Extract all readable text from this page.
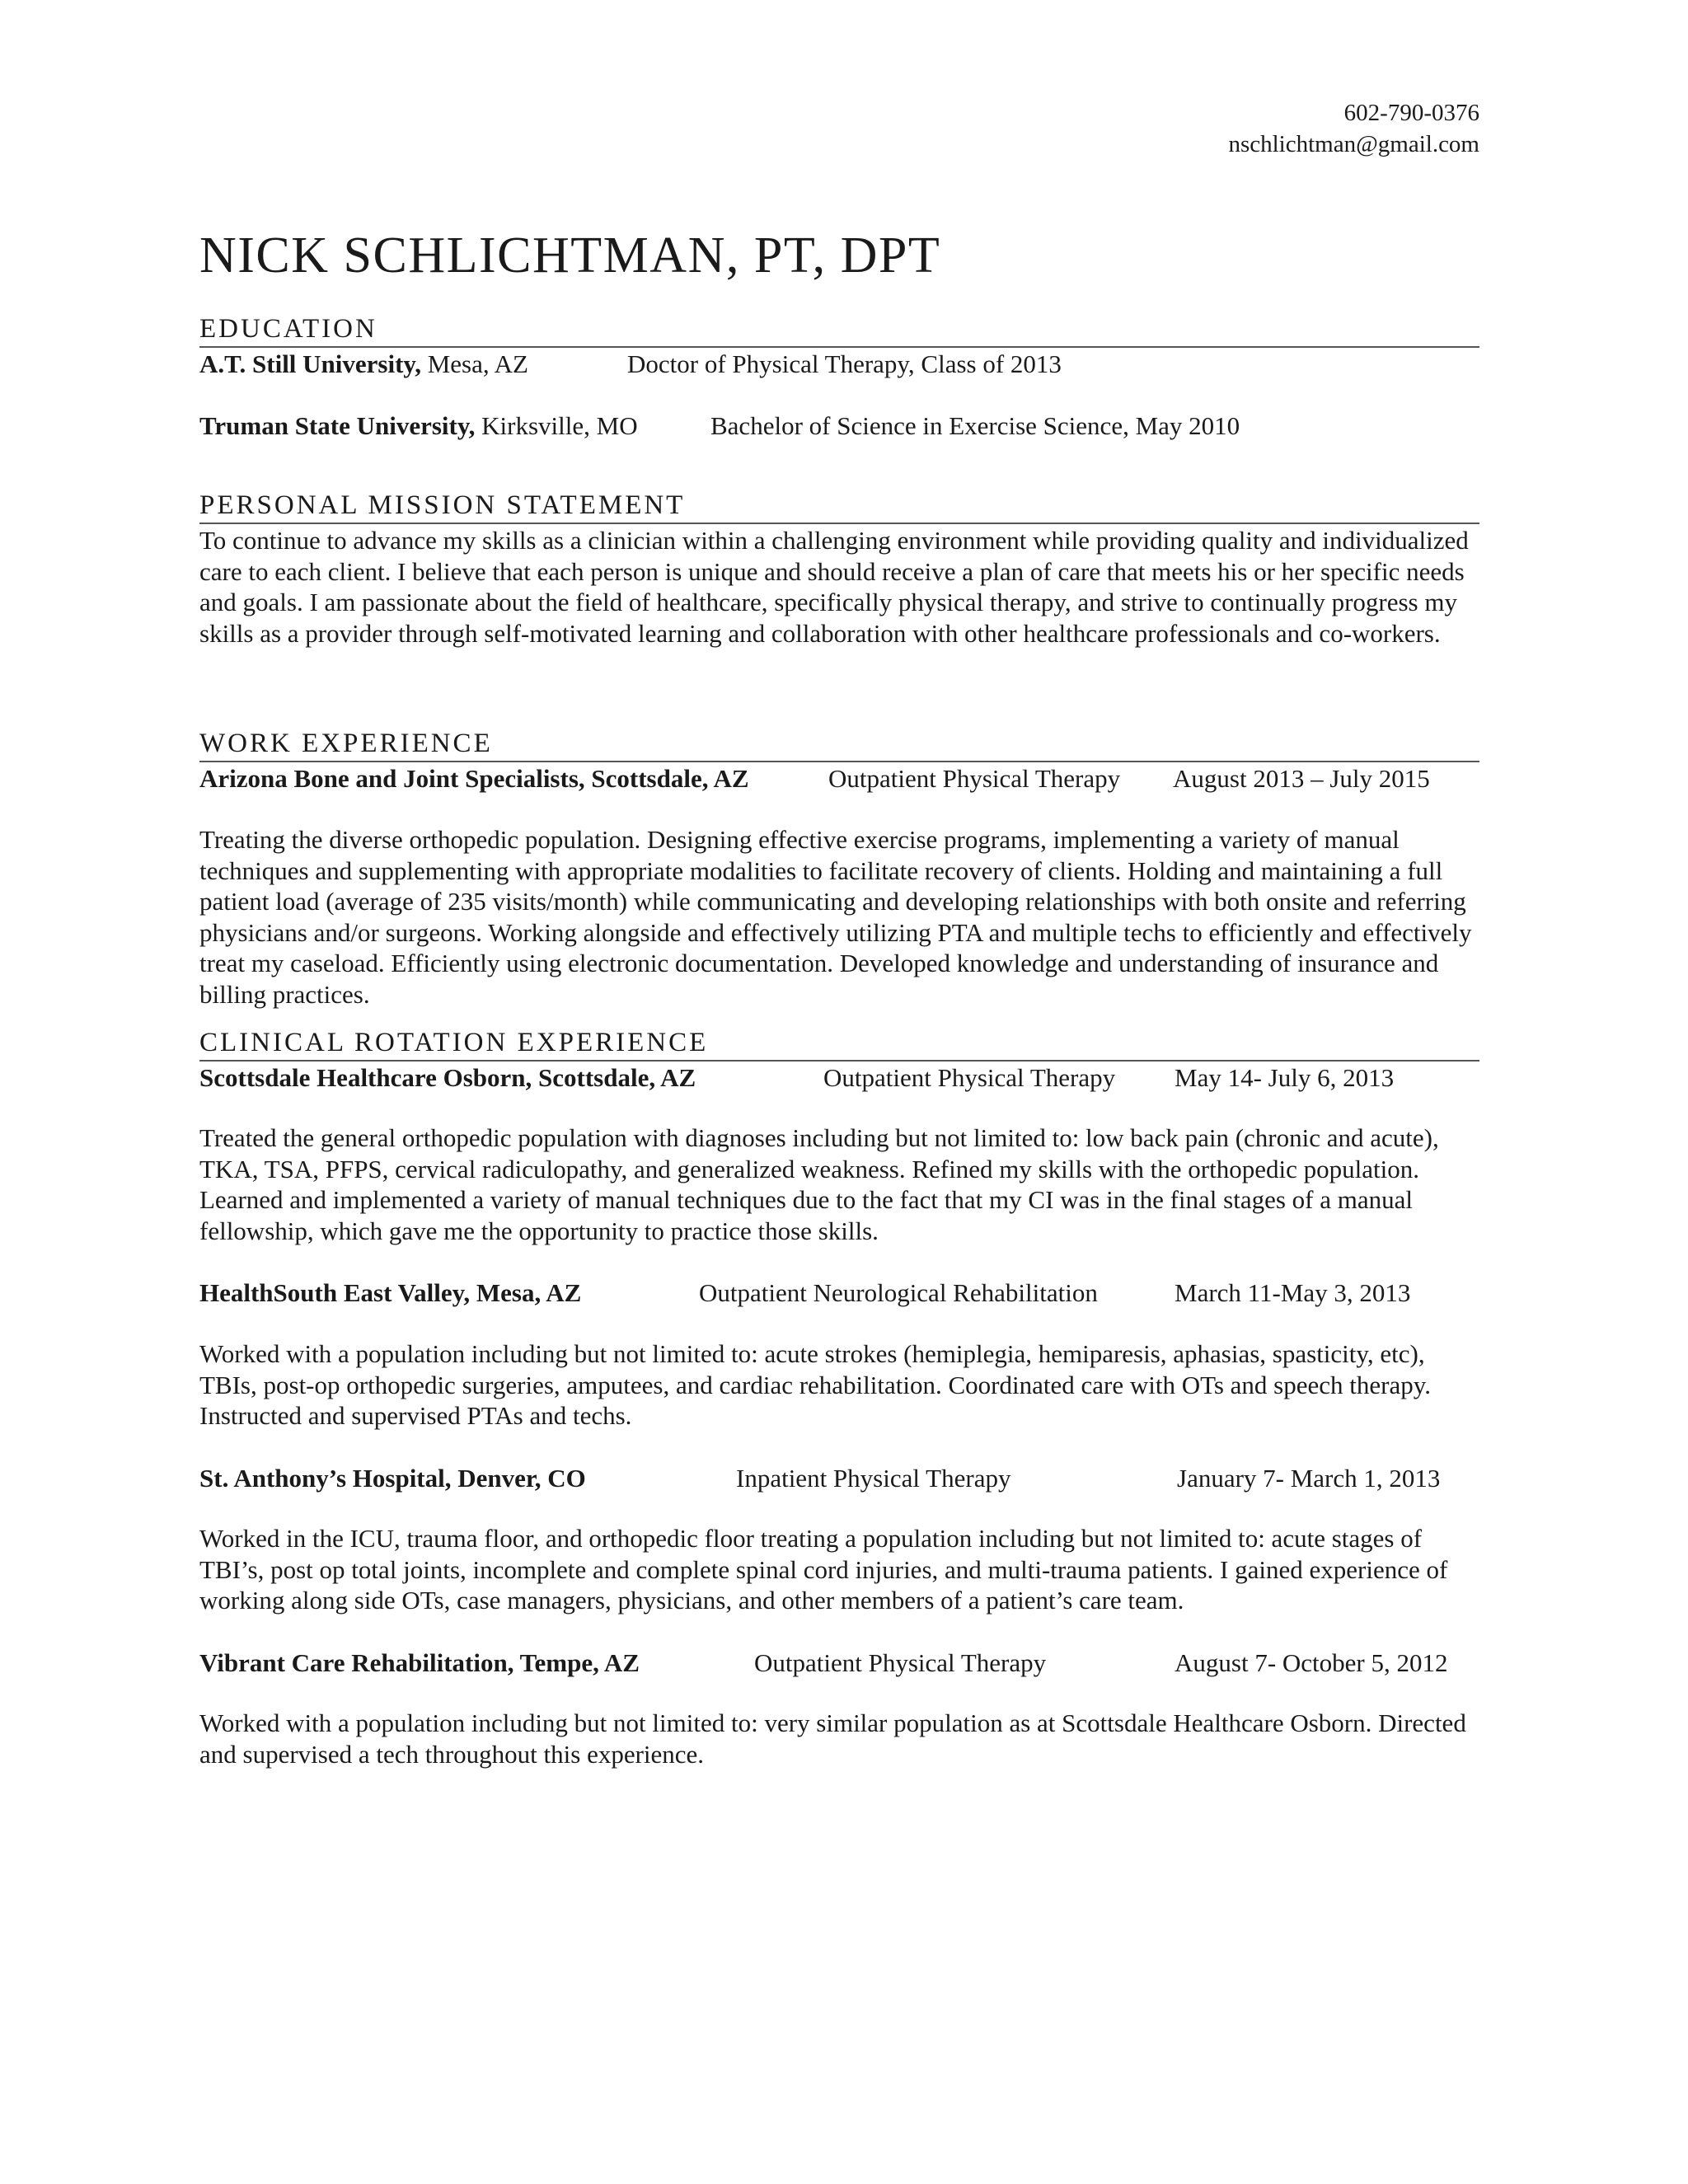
602-790-0376
nschlichtman@gmail.com
NICK SCHLICHTMAN, PT, DPT
EDUCATION
A.T. Still University, Mesa, AZ	Doctor of Physical Therapy, Class of 2013
Truman State University, Kirksville, MO	Bachelor of Science in Exercise Science, May 2010
PERSONAL MISSION STATEMENT

To continue to advance my skills as a clinician within a challenging environment while providing quality and individualized care to each client. I believe that each person is unique and should receive a plan of care that meets his or her specific needs and goals. I am passionate about the field of healthcare, specifically physical therapy, and strive to continually progress my skills as a provider through self-motivated learning and collaboration with other healthcare professionals and co-workers.

WORK EXPERIENCE
Arizona Bone and Joint Specialists, Scottsdale, AZ	Outpatient Physical Therapy August 2013 – July 2015

Treating the diverse orthopedic population. Designing effective exercise programs, implementing a variety of manual techniques and supplementing with appropriate modalities to facilitate recovery of clients. Holding and maintaining a full patient load (average of 235 visits/month) while communicating and developing relationships with both onsite and referring physicians and/or surgeons. Working alongside and effectively utilizing PTA and multiple techs to efficiently and effectively treat my caseload. Efficiently using electronic documentation. Developed knowledge and understanding of insurance and billing practices.

CLINICAL ROTATION EXPERIENCE
Scottsdale Healthcare Osborn, Scottsdale, AZ	Outpatient Physical Therapy May 14- July 6, 2013

Treated the general orthopedic population with diagnoses including but not limited to: low back pain (chronic and acute), TKA, TSA, PFPS, cervical radiculopathy, and generalized weakness. Refined my skills with the orthopedic population. Learned and implemented a variety of manual techniques due to the fact that my CI was in the final stages of a manual fellowship, which gave me the opportunity to practice those skills.

HealthSouth East Valley, Mesa, AZ	Outpatient Neurological Rehabilitation	March 11-May 3, 2013

Worked with a population including but not limited to: acute strokes (hemiplegia, hemiparesis, aphasias, spasticity, etc), TBIs, post-op orthopedic surgeries, amputees, and cardiac rehabilitation. Coordinated care with OTs and speech therapy. Instructed and supervised PTAs and techs.

St. Anthony’s Hospital, Denver, CO	Inpatient Physical Therapy	January 7- March 1, 2013

Worked in the ICU, trauma floor, and orthopedic floor treating a population including but not limited to: acute stages of TBI’s, post op total joints, incomplete and complete spinal cord injuries, and multi-trauma patients. I gained experience of working along side OTs, case managers, physicians, and other members of a patient’s care team.

Vibrant Care Rehabilitation, Tempe, AZ	Outpatient Physical Therapy	August 7- October 5, 2012

Worked with a population including but not limited to: very similar population as at Scottsdale Healthcare Osborn. Directed and supervised a tech throughout this experience.
